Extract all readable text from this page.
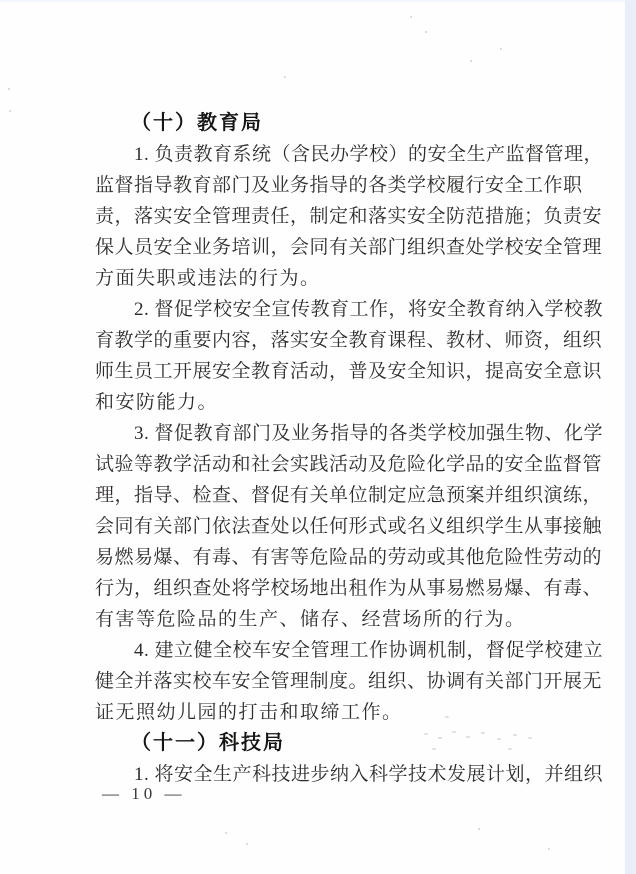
（十）教育局
1. 负责教育系统（含民办学校）的安全生产监督管理，
监督指导教育部门及业务指导的各类学校履行安全工作职
责，落实安全管理责任，制定和落实安全防范措施；负责安
保人员安全业务培训，会同有关部门组织查处学校安全管理
方面失职或违法的行为。
2. 督促学校安全宣传教育工作，将安全教育纳入学校教
育教学的重要内容，落实安全教育课程、教材、师资，组织
师生员工开展安全教育活动，普及安全知识，提高安全意识
和安防能力。
3. 督促教育部门及业务指导的各类学校加强生物、化学
试验等教学活动和社会实践活动及危险化学品的安全监督管
理，指导、检查、督促有关单位制定应急预案并组织演练，
会同有关部门依法查处以任何形式或名义组织学生从事接触
易燃易爆、有毒、有害等危险品的劳动或其他危险性劳动的
行为，组织查处将学校场地出租作为从事易燃易爆、有毒、
有害等危险品的生产、储存、经营场所的行为。
4. 建立健全校车安全管理工作协调机制，督促学校建立
健全并落实校车安全管理制度。组织、协调有关部门开展无
证无照幼儿园的打击和取缔工作。
（十一）科技局
1. 将安全生产科技进步纳入科学技术发展计划，并组织
— 10 —
